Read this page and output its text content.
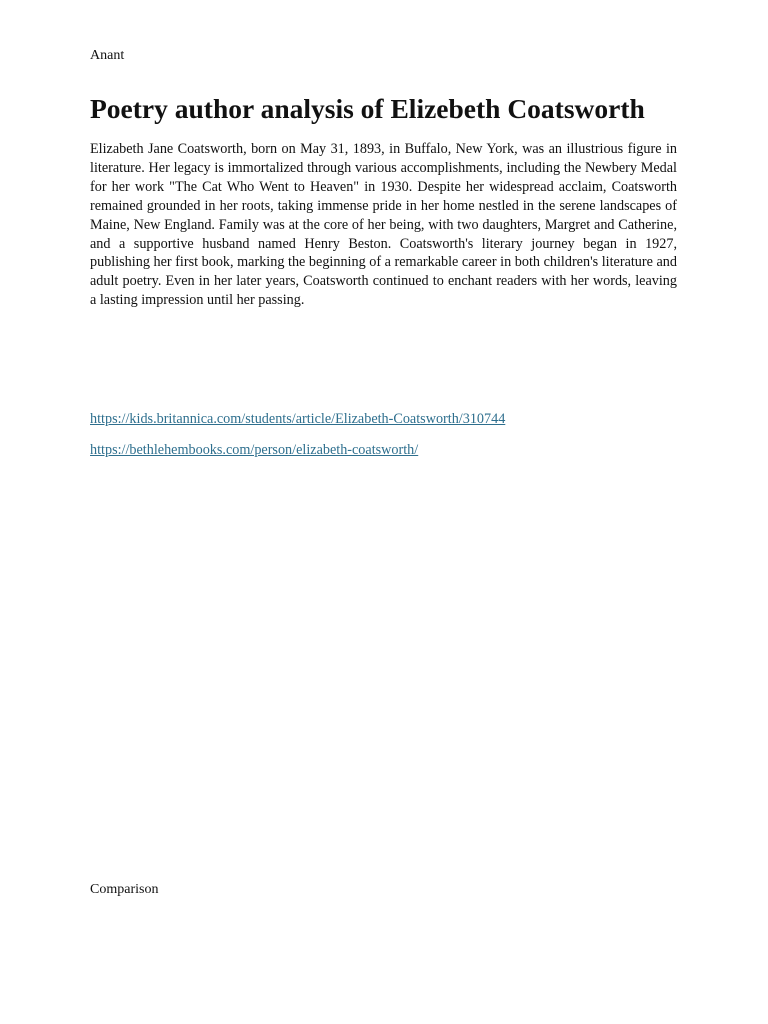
Anant
Poetry author analysis of Elizebeth Coatsworth

Elizabeth Jane Coatsworth, born on May 31, 1893, in Buffalo, New York, was an illustrious figure in literature. Her legacy is immortalized through various accomplishments, including the Newbery Medal for her work "The Cat Who Went to Heaven" in 1930. Despite her widespread acclaim, Coatsworth remained grounded in her roots, taking immense pride in her home nestled in the serene landscapes of Maine, New England. Family was at the core of her being, with two daughters, Margret and Catherine, and a supportive husband named Henry Beston. Coatsworth's literary journey began in 1927, publishing her first book, marking the beginning of a remarkable career in both children's literature and adult poetry. Even in her later years, Coatsworth continued to enchant readers with her words, leaving a lasting impression until her passing.

https://kids.britannica.com/students/article/Elizabeth-Coatsworth/310744
https://bethlehembooks.com/person/elizabeth-coatsworth/
Comparison
